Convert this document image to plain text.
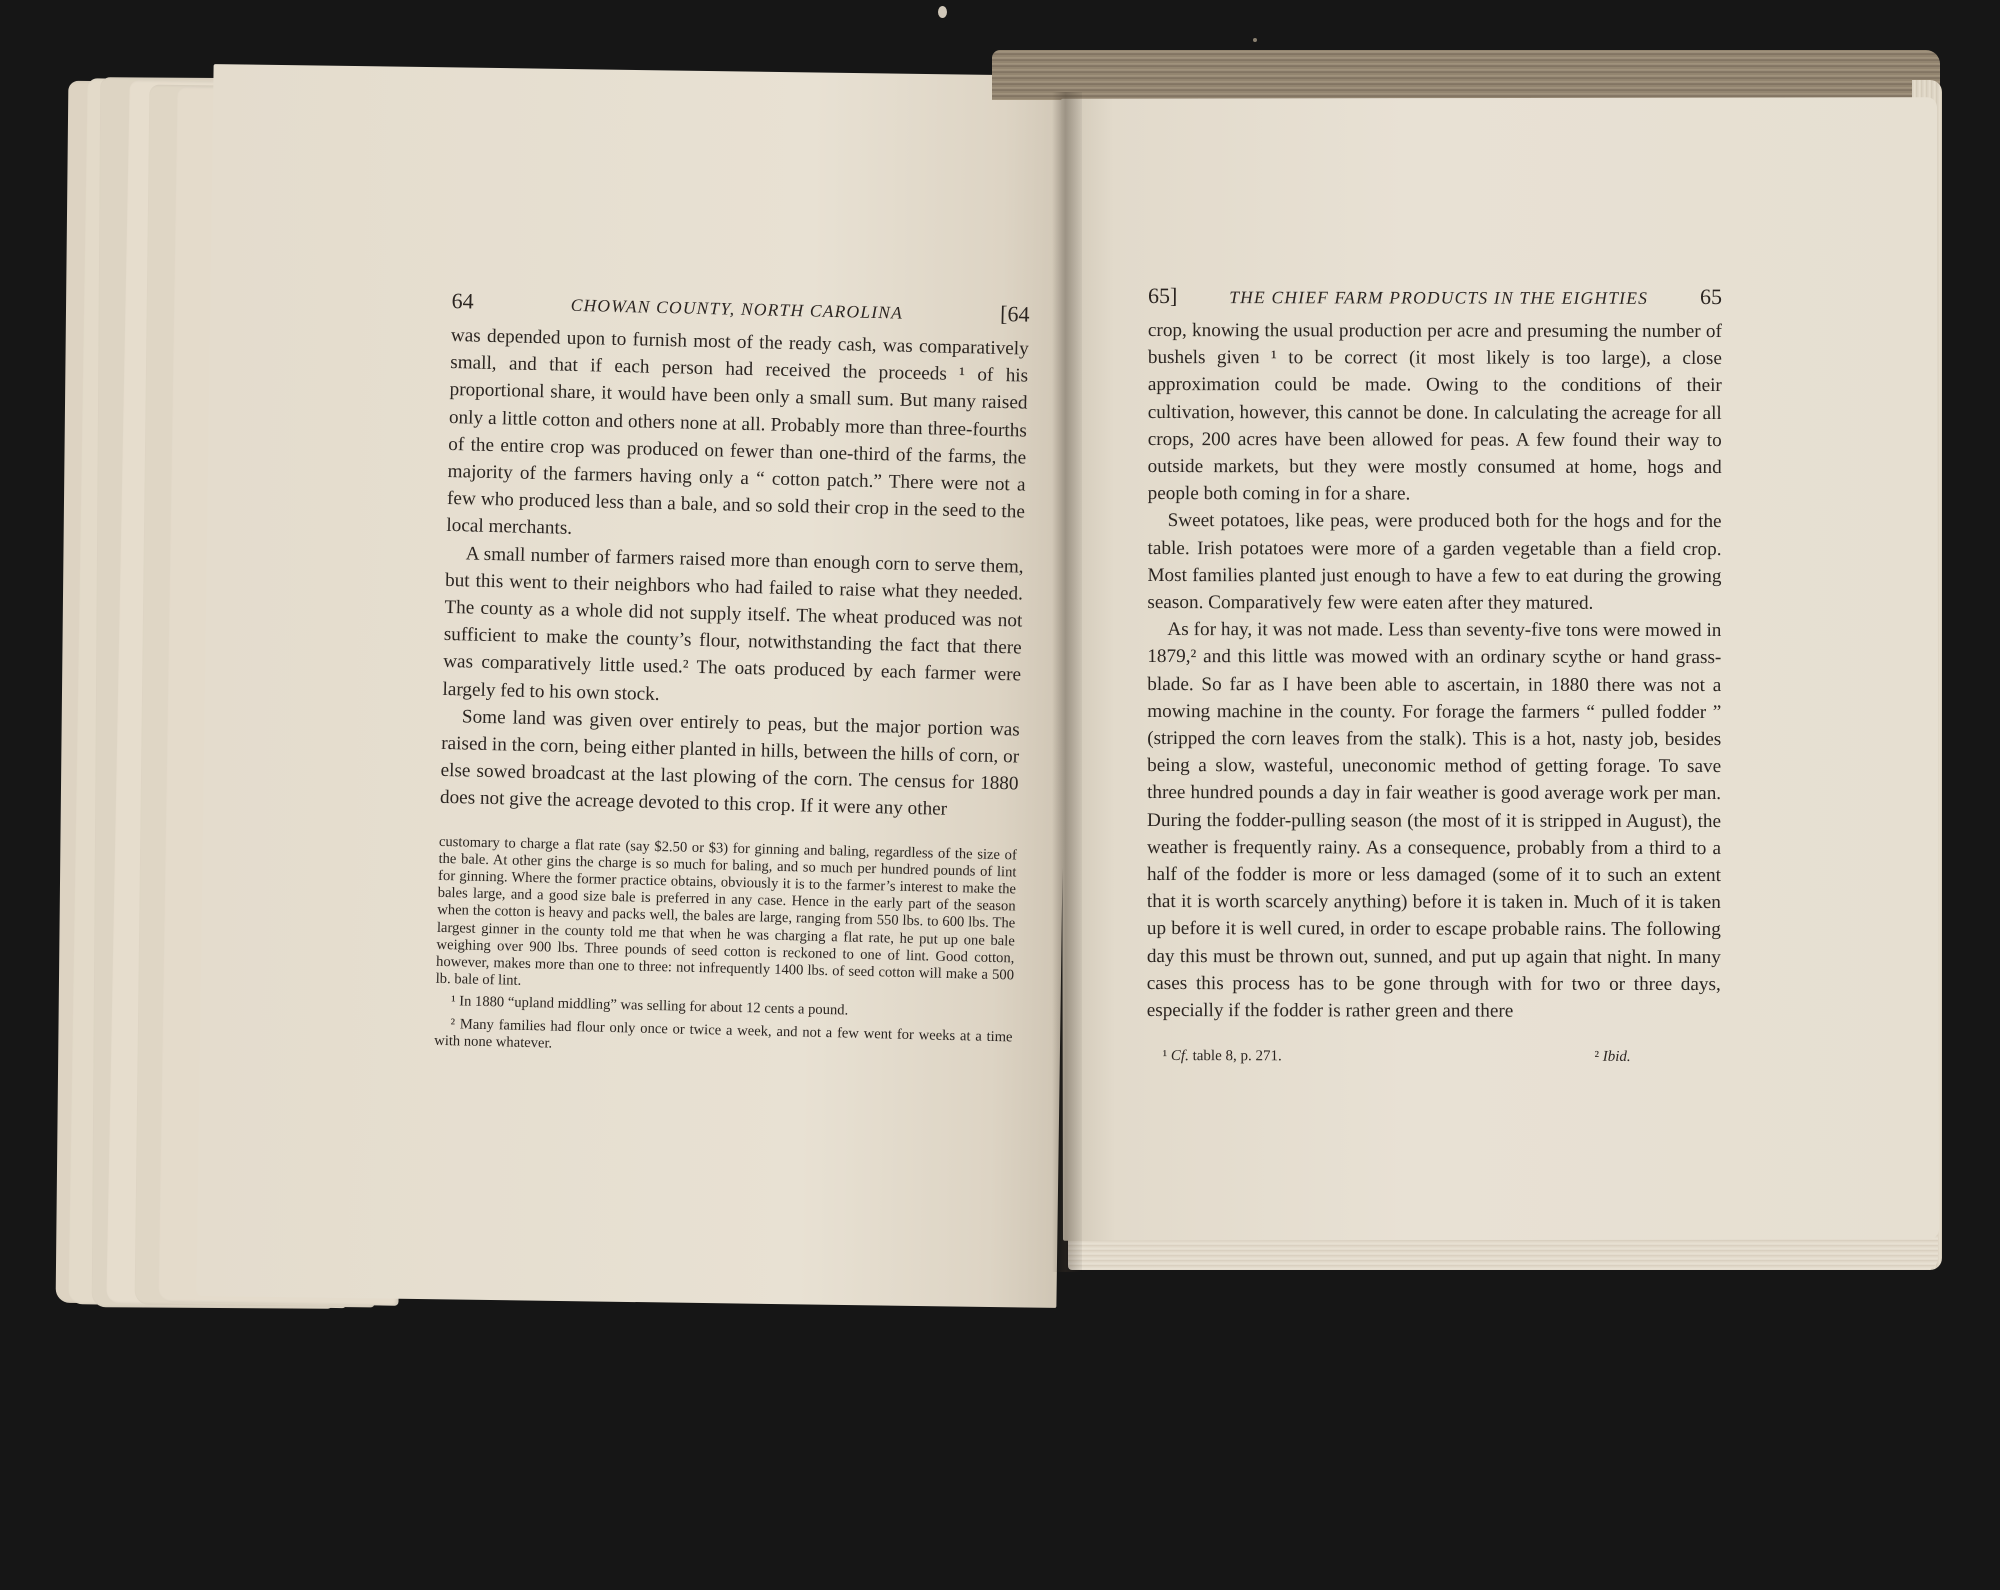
64	CHOWAN COUNTY, NORTH CAROLINA	[64

was depended upon to furnish most of the ready cash, was comparatively small, and that if each person had received the proceeds ¹ of his proportional share, it would have been only a small sum. But many raised only a little cotton and others none at all. Probably more than three-fourths of the entire crop was produced on fewer than one-third of the farms, the majority of the farmers having only a “ cotton patch.” There were not a few who produced less than a bale, and so sold their crop in the seed to the local merchants.

A small number of farmers raised more than enough corn to serve them, but this went to their neighbors who had failed to raise what they needed. The county as a whole did not supply itself. The wheat produced was not sufficient to make the county’s flour, notwithstanding the fact that there was comparatively little used.² The oats produced by each farmer were largely fed to his own stock.

Some land was given over entirely to peas, but the major portion was raised in the corn, being either planted in hills, between the hills of corn, or else sowed broadcast at the last plowing of the corn. The census for 1880 does not give the acreage devoted to this crop. If it were any other

customary to charge a flat rate (say $2.50 or $3) for ginning and baling, regardless of the size of the bale. At other gins the charge is so much for baling, and so much per hundred pounds of lint for ginning. Where the former practice obtains, obviously it is to the farmer’s interest to make the bales large, and a good size bale is preferred in any case. Hence in the early part of the season when the cotton is heavy and packs well, the bales are large, ranging from 550 lbs. to 600 lbs. The largest ginner in the county told me that when he was charging a flat rate, he put up one bale weighing over 900 lbs. Three pounds of seed cotton is reckoned to one of lint. Good cotton, however, makes more than one to three: not infrequently 1400 lbs. of seed cotton will make a 500 lb. bale of lint.

¹ In 1880 “upland middling” was selling for about 12 cents a pound.

² Many families had flour only once or twice a week, and not a few went for weeks at a time with none whatever.

65]	THE CHIEF FARM PRODUCTS IN THE EIGHTIES 65

crop, knowing the usual production per acre and presuming the number of bushels given ¹ to be correct (it most likely is too large), a close approximation could be made. Owing to the conditions of their cultivation, however, this cannot be done. In calculating the acreage for all crops, 200 acres have been allowed for peas. A few found their way to outside markets, but they were mostly consumed at home, hogs and people both coming in for a share.

Sweet potatoes, like peas, were produced both for the hogs and for the table. Irish potatoes were more of a garden vegetable than a field crop. Most families planted just enough to have a few to eat during the growing season. Comparatively few were eaten after they matured.

As for hay, it was not made. Less than seventy-five tons were mowed in 1879,² and this little was mowed with an ordinary scythe or hand grass-blade. So far as I have been able to ascertain, in 1880 there was not a mowing machine in the county. For forage the farmers “ pulled fodder ” (stripped the corn leaves from the stalk). This is a hot, nasty job, besides being a slow, wasteful, uneconomic method of getting forage. To save three hundred pounds a day in fair weather is good average work per man. During the fodder-pulling season (the most of it is stripped in August), the weather is frequently rainy. As a consequence, probably from a third to a half of the fodder is more or less damaged (some of it to such an extent that it is worth scarcely anything) before it is taken in. Much of it is taken up before it is well cured, in order to escape probable rains. The following day this must be thrown out, sunned, and put up again that night. In many cases this process has to be gone through with for two or three days, especially if the fodder is rather green and there

¹ Cf. table 8, p. 271.	² Ibid.
